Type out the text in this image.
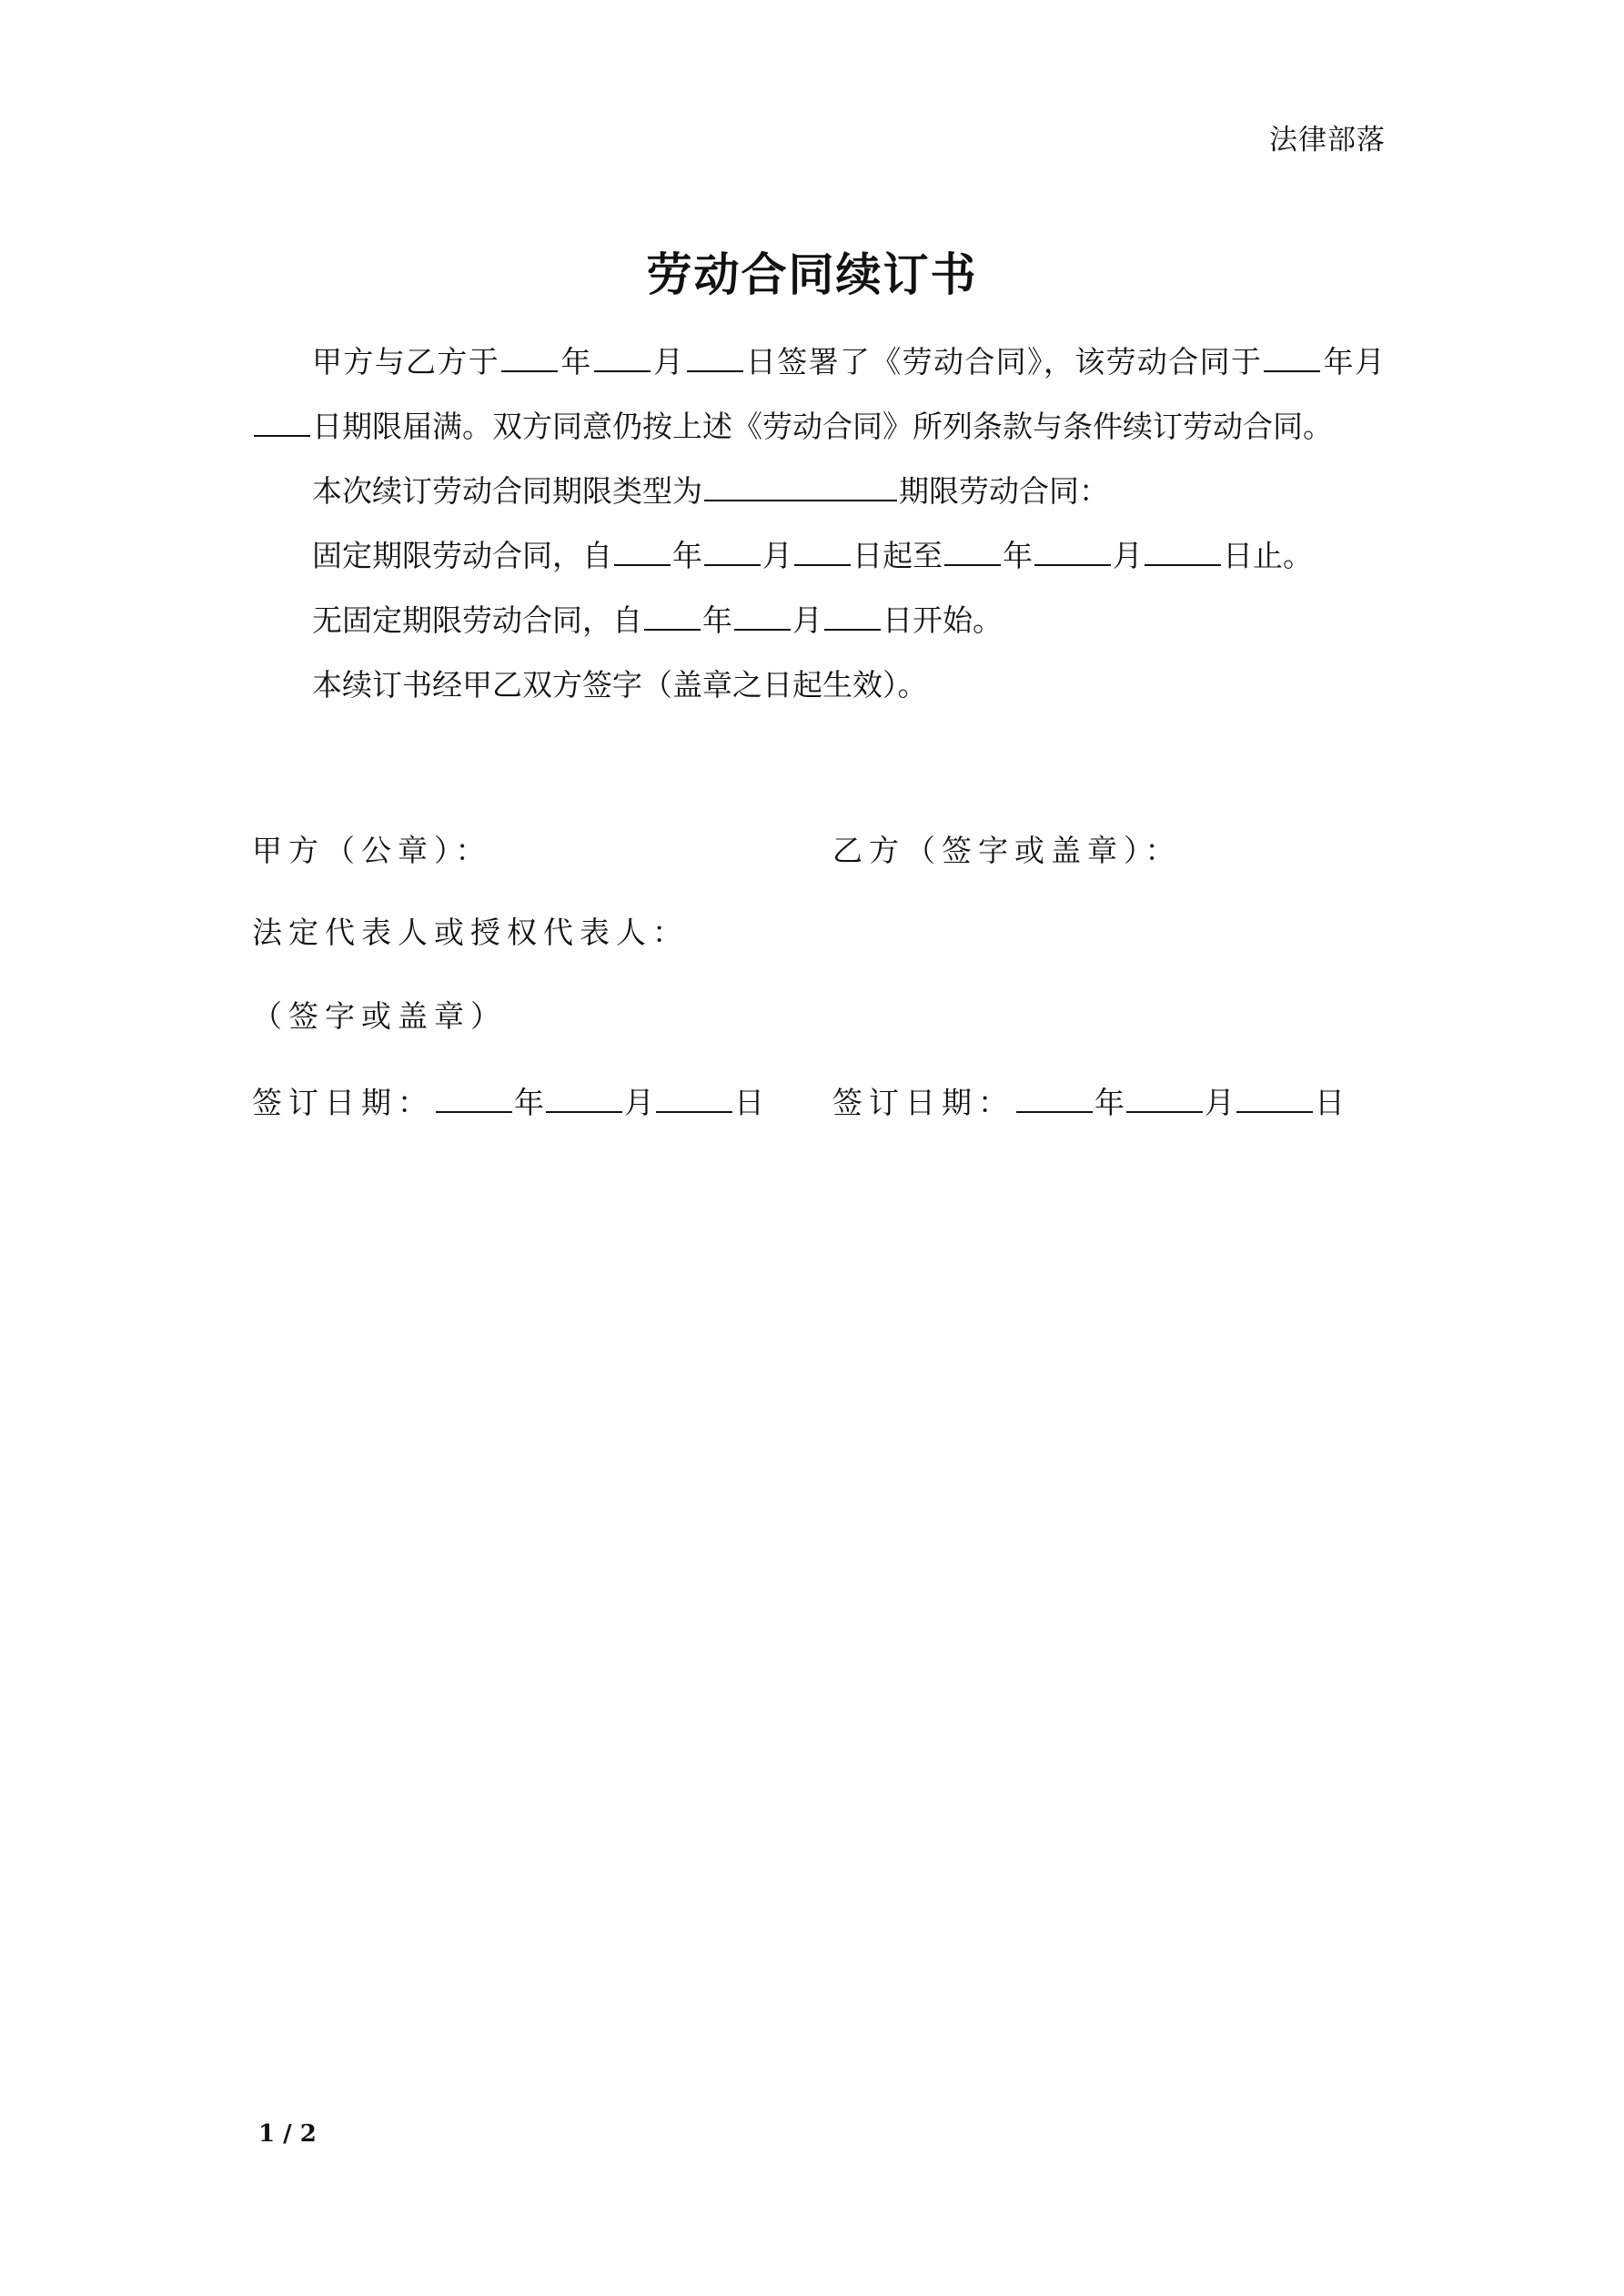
法律部落
劳动合同续订书

甲方与乙方于 年 月 日签署了《劳动合同》，该劳动合同于 年月日期限届满。双方同意仍按上述《劳动合同》所列条款与条件续订劳动合同。

本次续订劳动合同期限类型为	期限劳动合同：

固定期限劳动合同，自 年 月 日起至 年	月	日止。

无固定期限劳动合同，自 年 月 日开始。

本续订书经甲乙双方签字（盖章之日起生效）。

甲方（公章）：	乙方（签字或盖章）：
法定代表人或授权代表人：
（签字或盖章）
签订日期：	年	月	日 签订日期：	年	月	日
1 / 2
